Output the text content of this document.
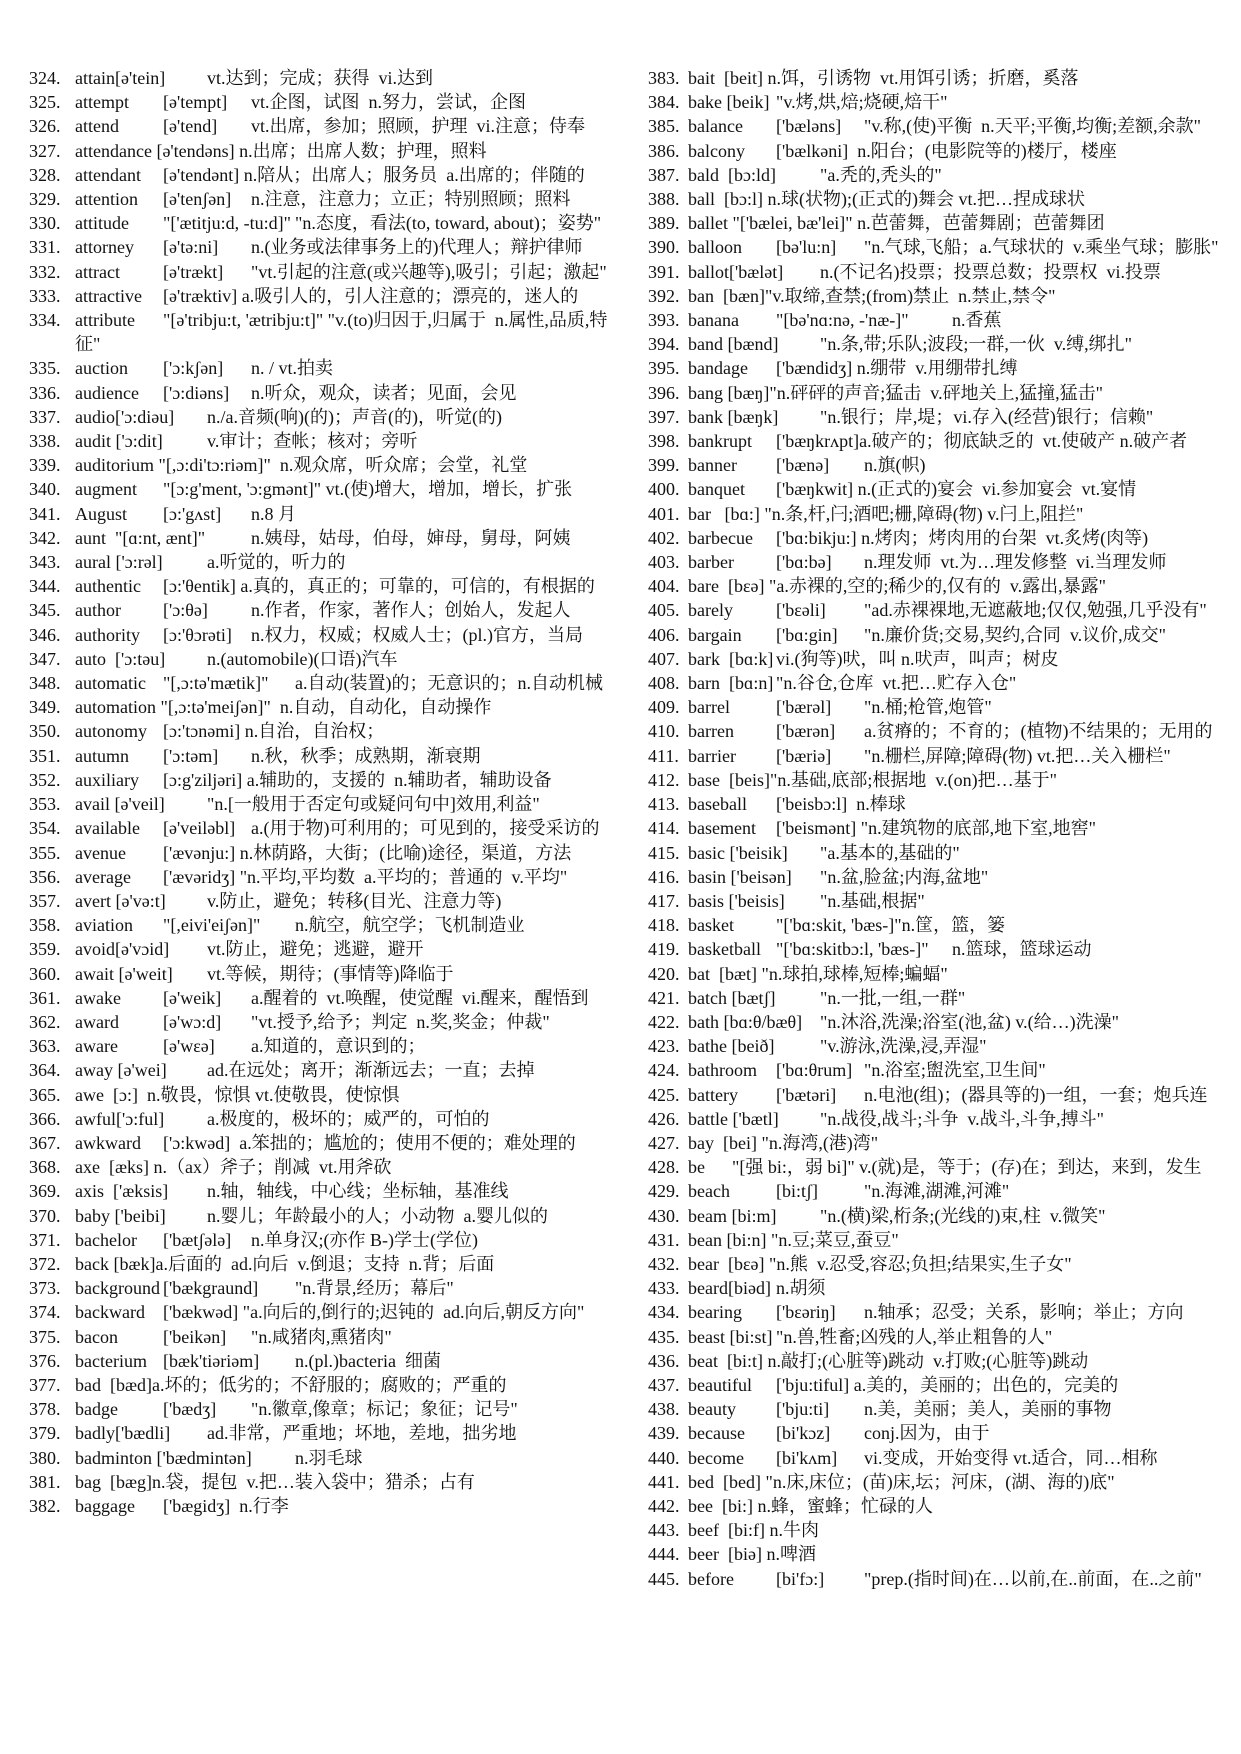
324. attain[ə'tein]	vt.达到；完成；获得  vi.达到
325. attempt	[ə'tempt]	vt.企图，试图  n.努力，尝试，企图
326. attend	[ə'tend]	vt.出席，参加；照顾，护理  vi.注意；侍奉
327. attendance [ə'tendəns] n.出席；出席人数；护理，照料
328. attendant	[ə'tendənt] n.陪从；出席人；服务员  a.出席的；伴随的
329. attention	[ə'tenʃən]	n.注意，注意力；立正；特别照顾；照料
330. attitude	"['ætitju:d, -tu:d]"	"n.态度，看法(to, toward, about)；姿势"
331. attorney	[ə'tə:ni]	n.(业务或法律事务上的)代理人；辩护律师
332. attract	[ə'trækt]	"vt.引起的注意(或兴趣等),吸引；引起；激起"
333. attractive	[ə'træktiv] a.吸引人的，引人注意的；漂亮的，迷人的
334. attribute	"[ə'tribju:t, 'ætribju:t]" "v.(to)归因于,归属于  n.属性,品质,特征"
335. auction	['ɔ:kʃən]	n. / vt.拍卖
336. audience	['ɔ:diəns]	n.听众，观众，读者；见面，会见
337. audio['ɔ:diəu]	n./a.音频(响)(的)；声音(的)，听觉(的)
338. audit ['ɔ:dit]	v.审计；查帐；核对；旁听
339. auditorium "[,ɔ:di'tɔ:riəm]"  n.观众席，听众席；会堂，礼堂
340. augment	"[ɔ:g'ment, 'ɔ:gmənt]" vt.(使)增大，增加，增长，扩张
341. August	[ɔ:'gʌst]	n.8 月
342. aunt  "[ɑ:nt, ænt]"	n.姨母，姑母，伯母，婶母，舅母，阿姨
343. aural ['ɔ:rəl]	a.听觉的，听力的
344. authentic	[ɔ:'θentik] a.真的，真正的；可靠的，可信的，有根据的
345. author	['ɔ:θə]	n.作者，作家，著作人；创始人，发起人
346. authority	[ɔ:'θɔrəti]	n.权力，权威；权威人士；(pl.)官方，当局
347. auto  ['ɔ:təu]	n.(automobile)(口语)汽车
348. automatic	"[,ɔ:tə'mætik]"	a.自动(装置)的；无意识的；n.自动机械
349. automation "[,ɔ:tə'meiʃən]"  n.自动，自动化，自动操作
350. autonomy	[ɔ:'tɔnəmi] n.自治，自治权；
351. autumn	['ɔ:təm]	n.秋，秋季；成熟期，渐衰期
352. auxiliary	[ɔ:g'ziljəri] a.辅助的，支援的  n.辅助者，辅助设备
353. avail [ə'veil]	"n.[一般用于否定句或疑问句中]效用,利益"
354. available	[ə'veiləbl]	a.(用于物)可利用的；可见到的，接受采访的
355. avenue	['ævənju:] n.林荫路，大街；(比喻)途径，渠道，方法
356. average	['ævəridʒ] "n.平均,平均数  a.平均的；普通的  v.平均"
357. avert [ə'və:t]	v.防止，避免；转移(目光、注意力等)
358. aviation	"[,eivi'eiʃən]"	n.航空，航空学；飞机制造业
359. avoid[ə'vɔid]	vt.防止，避免；逃避，避开
360. await [ə'weit]	vt.等候，期待；(事情等)降临于
361. awake	[ə'weik]	a.醒着的  vt.唤醒，使觉醒  vi.醒来，醒悟到
362. award	[ə'wɔ:d]	"vt.授予,给予；判定  n.奖,奖金；仲裁"
363. aware	[ə'wεə]	a.知道的，意识到的；
364. away [ə'wei]	ad.在远处；离开；渐渐远去；一直；去掉
365. awe  [ɔ:]  n.敬畏，惊惧 vt.使敬畏，使惊惧
366. awful['ɔ:ful]	a.极度的，极坏的；威严的，可怕的
367. awkward	['ɔ:kwəd]  a.笨拙的；尴尬的；使用不便的；难处理的
368. axe  [æks] n.（ax）斧子；削减  vt.用斧砍
369. axis  ['æksis]	n.轴，轴线，中心线；坐标轴，基准线
370. baby ['beibi]	n.婴儿；年龄最小的人；小动物  a.婴儿似的
371. bachelor	['bætʃələ]	n.单身汉;(亦作 B-)学士(学位)
372. back [bæk]a.后面的  ad.向后  v.倒退；支持  n.背；后面
373. background	['bækgraund]	"n.背景,经历；幕后"
374. backward	['bækwəd] "a.向后的,倒行的;迟钝的  ad.向后,朝反方向"
375. bacon	['beikən]	"n.咸猪肉,熏猪肉"
376. bacterium	[bæk'tiəriəm]	n.(pl.)bacteria  细菌
377. bad  [bæd]a.坏的；低劣的；不舒服的；腐败的；严重的
378. badge	['bædʒ]	"n.徽章,像章；标记；象征；记号"
379. badly['bædli]	ad.非常，严重地；坏地，差地，拙劣地
380. badminton ['bædmintən]	n.羽毛球
381. bag  [bæg]n.袋，提包  v.把…装入袋中；猎杀；占有
382. baggage	['bægidʒ]  n.行李
383. bait  [beit] n.饵，引诱物  vt.用饵引诱；折磨，奚落
384. bake [beik]	"v.烤,烘,焙;烧硬,焙干"
385. balance	['bæləns]	"v.称,(使)平衡  n.天平;平衡,均衡;差额,余款"
386. balcony	['bælkəni]  n.阳台；(电影院等的)楼厅，楼座
387. bald  [bɔ:ld]	"a.秃的,秃头的"
388. ball  [bɔ:l] n.球(状物);(正式的)舞会 vt.把…捏成球状
389. ballet "['bælei, bæ'lei]" n.芭蕾舞，芭蕾舞剧；芭蕾舞团
390. balloon	[bə'lu:n]	"n.气球,飞船；a.气球状的  v.乘坐气球；膨胀"
391. ballot['bælət]	n.(不记名)投票；投票总数；投票权  vi.投票
392. ban  [bæn]"v.取缔,查禁;(from)禁止  n.禁止,禁令"
393. banana	"[bə'nɑ:nə, -'næ-]"	n.香蕉
394. band [bænd]	"n.条,带;乐队;波段;一群,一伙  v.缚,绑扎"
395. bandage	['bændidʒ] n.绷带  v.用绷带扎缚
396. bang [bæŋ]"n.砰砰的声音;猛击  v.砰地关上,猛撞,猛击"
397. bank [bæŋk]	"n.银行；岸,堤；vi.存入(经营)银行；信赖"
398. bankrupt	['bæŋkrʌpt]a.破产的；彻底缺乏的  vt.使破产 n.破产者
399. banner	['bænə]	n.旗(帜)
400. banquet	['bæŋkwit] n.(正式的)宴会  vi.参加宴会  vt.宴情
401. bar   [bɑ:] "n.条,杆,闩;酒吧;栅,障碍(物) v.闩上,阻拦"
402. barbecue	['bɑ:bikju:] n.烤肉；烤肉用的台架  vt.炙烤(肉等)
403. barber	['bɑ:bə]	n.理发师  vt.为…理发修整  vi.当理发师
404. bare  [bεə] "a.赤裸的,空的;稀少的,仅有的  v.露出,暴露"
405. barely	['bεəli]	"ad.赤裸裸地,无遮蔽地;仅仅,勉强,几乎没有"
406. bargain	['bɑ:gin]	"n.廉价货;交易,契约,合同  v.议价,成交"
407. bark  [bɑ:k]	vi.(狗等)吠，叫 n.吠声，叫声；树皮
408. barn  [bɑ:n]	"n.谷仓,仓库  vt.把…贮存入仓"
409. barrel	['bærəl]	"n.桶;枪管,炮管"
410. barren	['bærən]	a.贫瘠的；不育的；(植物)不结果的；无用的
411. barrier	['bæriə]	"n.栅栏,屏障;障碍(物) vt.把…关入栅栏"
412. base  [beis]"n.基础,底部;根据地  v.(on)把…基于"
413. baseball	['beisbɔ:l]  n.棒球
414. basement	['beismənt] "n.建筑物的底部,地下室,地窖"
415. basic ['beisik]	"a.基本的,基础的"
416. basin ['beisən]	"n.盆,脸盆;内海,盆地"
417. basis ['beisis]	"n.基础,根据"
418. basket	"['bɑ:skit, 'bæs-]"n.筐，篮，篓
419. basketball	"['bɑ:skitbɔ:l, 'bæs-]"	n.篮球，篮球运动
420. bat  [bæt] "n.球拍,球棒,短棒;蝙蝠"
421. batch [bætʃ]	"n.一批,一组,一群"
422. bath [bɑ:θ/bæθ]	"n.沐浴,洗澡;浴室(池,盆) v.(给…)洗澡"
423. bathe [beið]	"v.游泳,洗澡,浸,弄湿"
424. bathroom	['bɑ:θrum]	"n.浴室;盥洗室,卫生间"
425. battery	['bætəri]	n.电池(组)；(器具等的)一组，一套；炮兵连
426. battle ['bætl]	"n.战役,战斗;斗争  v.战斗,斗争,搏斗"
427. bay  [bei] "n.海湾,(港)湾"
428. be	"[强 bi:，弱 bi]" v.(就)是，等于；(存)在；到达，来到，发生
429. beach	[bi:tʃ]	"n.海滩,湖滩,河滩"
430. beam [bi:m]	"n.(横)梁,桁条;(光线的)束,柱  v.微笑"
431. bean [bi:n] "n.豆;菜豆,蚕豆"
432. bear  [bεə] "n.熊  v.忍受,容忍;负担;结果实,生子女"
433. beard[biəd]	n.胡须
434. bearing	['bεəriŋ]	n.轴承；忍受；关系，影响；举止；方向
435. beast [bi:st]	"n.兽,牲畜;凶残的人,举止粗鲁的人"
436. beat  [bi:t] n.敲打;(心脏等)跳动  v.打败;(心脏等)跳动
437. beautiful	['bju:tiful] a.美的，美丽的；出色的，完美的
438. beauty	['bju:ti]	n.美，美丽；美人，美丽的事物
439. because	[bi'kɔz]	conj.因为，由于
440. become	[bi'kʌm]	vi.变成，开始变得 vt.适合，同…相称
441. bed  [bed] "n.床,床位；(苗)床,坛；河床，(湖、海的)底"
442. bee  [bi:] n.蜂，蜜蜂；忙碌的人
443. beef  [bi:f] n.牛肉
444. beer  [biə] n.啤酒
445. before	[bi'fɔ:]	"prep.(指时间)在…以前,在..前面，在..之前"
